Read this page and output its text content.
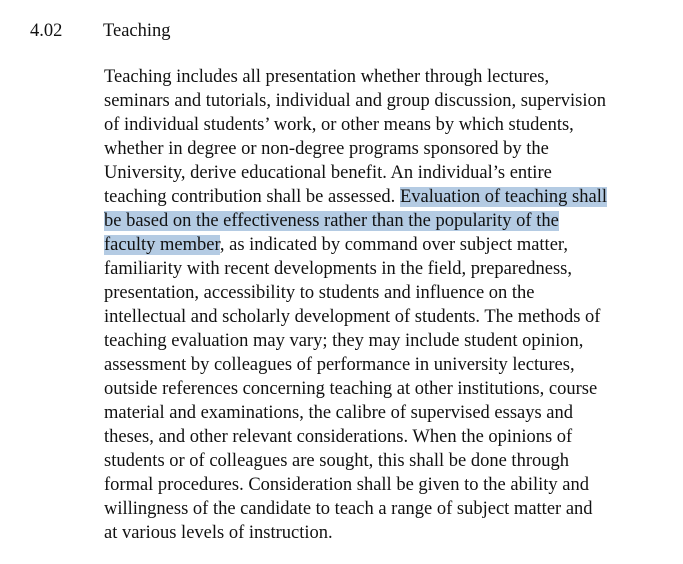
4.02 Teaching
Teaching includes all presentation whether through lectures,
seminars and tutorials, individual and group discussion, supervision
of individual students’ work, or other means by which students,
whether in degree or non-degree programs sponsored by the
University, derive educational benefit. An individual’s entire
teaching contribution shall be assessed. Evaluation of teaching shall
be based on the effectiveness rather than the popularity of the
faculty member, as indicated by command over subject matter,
familiarity with recent developments in the field, preparedness,
presentation, accessibility to students and influence on the
intellectual and scholarly development of students. The methods of
teaching evaluation may vary; they may include student opinion,
assessment by colleagues of performance in university lectures,
outside references concerning teaching at other institutions, course
material and examinations, the calibre of supervised essays and
theses, and other relevant considerations. When the opinions of
students or of colleagues are sought, this shall be done through
formal procedures. Consideration shall be given to the ability and
willingness of the candidate to teach a range of subject matter and
at various levels of instruction.
